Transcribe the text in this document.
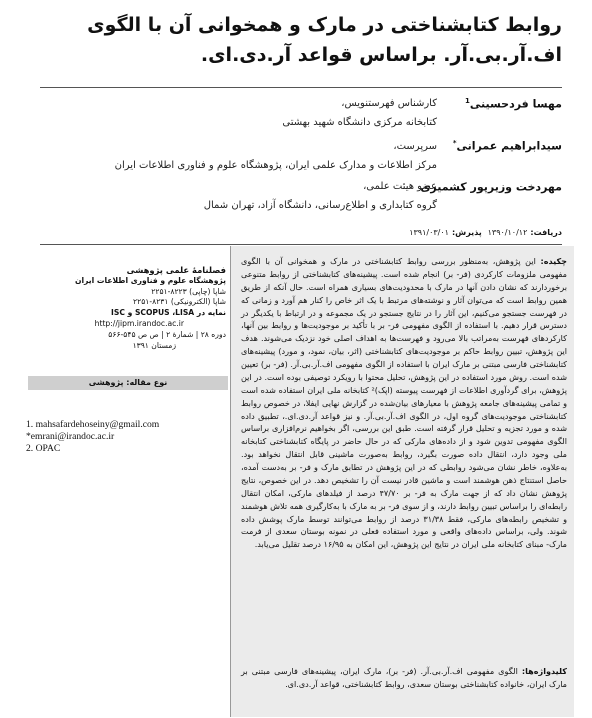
روابط کتابشناختی در مارک و همخوانی آن با الگوی اف.آر.بی.آر. براساس قواعد آر.دی.ای.
مهسا فردحسینی$^1$
کارشناس فهرستنویس،
کتابخانه مرکزی دانشگاه شهید بهشتی
سیدابراهیم عمرانی*
سرپرست،
مرکز اطلاعات و مدارک علمی ایران، پژوهشگاه علوم و فناوری اطلاعات ایران
مهردخت وزیرپور کشمیری
عضو هیئت علمی،
گروه کتابداری و اطلاع‌رسانی، دانشگاه آزاد، تهران شمال
دریافت:۱۳۹۰/۱۰/۱۲ پذیرش:۱۳۹۱/۰۳/۰۱
چکیده: این پژوهش، به‌منظور بررسی روابط کتابشناختی در مارک و همخوانی آن با الگوی مفهومی ملزومات کارکردی (فر- بر) انجام شده است. پیشینه‌های کتابشناختی از روابط متنوعی برخوردارند که نشان دادن آنها در مارک با محدودیت‌های بسیاری همراه است. حال آنکه از طریق همین روابط است که می‌توان آثار و نوشته‌های مرتبط با یک اثر خاص را کنار هم آورد و زمانی که در فهرست جستجو می‌کنیم، این آثار را در نتایج جستجو در یک مجموعه و در ارتباط با یکدیگر در دسترس قرار دهیم. با استفاده از الگوی مفهومی فر- بر با تأکید بر موجودیت‌ها و روابط بین آنها، کارکردهای فهرست به‌مراتب بالا می‌رود و فهرست‌ها به اهداف اصلی خود نزدیک می‌شوند. هدف این پژوهش، تبیین روابط حاکم بر موجودیت‌های کتابشناختی (اثر، بیان، نمود، و مورد) پیشینه‌های کتابشناختی فارسی مبتنی بر مارک ایران با استفاده از الگوی مفهومی اف.آر.بی.آر. (فر- بر) تعیین شده است. روش مورد استفاده در این پژوهش، تحلیل محتوا با رویکرد توصیفی بوده است. در این پژوهش، برای گردآوری اطلاعات از فهرست پیوسته (اپک)² کتابخانه ملی ایران استفاده شده است و تمامی پیشینه‌های جامعه پژوهش با معیارهای بیان‌شده در گزارش نهایی ایفلا، در خصوص روابط کتابشناختی موجودیت‌های گروه اول، در الگوی اف.آر.بی.آر. و نیز قواعد آر.دی.ای.، تطبیق داده شده و مورد تجزیه و تحلیل قرار گرفته است. طبق این بررسی، اگر بخواهیم نرم‌افزاری براساس الگوی مفهومی تدوین شود و از داده‌های مارکی که در حال حاضر در پایگاه کتابشناختی کتابخانه ملی وجود دارد، انتقال داده صورت بگیرد، روابط به‌صورت ماشینی قابل انتقال نخواهد بود. به‌علاوه، خاطر نشان می‌شود روابطی که در این پژوهش در تطابق مارک و فر- بر به‌دست آمده، حاصل استنتاج ذهن هوشمند است و ماشین قادر نیست آن را تشخیص دهد. در این خصوص، نتایج پژوهش نشان داد که از جهت مارک به فر- بر ۴۷/۷۰ درصد از فیلدهای مارکی، امکان انتقال رابطه‌ای را براساس تبیین روابط دارند، و از سوی فر- بر به مارک با به‌کارگیری همه تلاش هوشمند و تشخیص رابطه‌های مارکی، فقط ۳۱/۳۸ درصد از روابط می‌توانند توسط مارک پوشش داده شوند. ولی، براساس داده‌های واقعی و مورد استفاده فعلی در نمونه بوستان سعدی از فرمت مارک- مبنای کتابخانه ملی ایران در نتایج این پژوهش، این امکان به ۱۶/۹۵ درصد تقلیل می‌یابد.
کلیدواژه‌ها: الگوی مفهومی اف.آر.بی.آر. (فر- بر)، مارک ایران، پیشینه‌های فارسی مبتنی بر مارک ایران، خانواده کتابشناختی بوستان سعدی، روابط کتابشناختی، قواعد آر.دی.ای.
فصلنامهٔ علمی پژوهشی
پژوهشگاه علوم و فناوری اطلاعات ایران
شاپا (چاپی) ۸۲۲۳-۲۲۵۱
شاپا (الکترونیکی) ۸۲۳۱-۲۲۵۱
نمایه در SCOPUS ،LISA و ISC
http://jipm.irandoc.ac.ir
دوره ۲۸ | شمارهٔ ۲ | ص ص ۵۴۵-۵۶۶
زمستان ۱۳۹۱
نوع مقاله: پژوهشی
1. mahsafardehoseiny@gmail.com
*emrani@irandoc.ac.ir
2. OPAC
